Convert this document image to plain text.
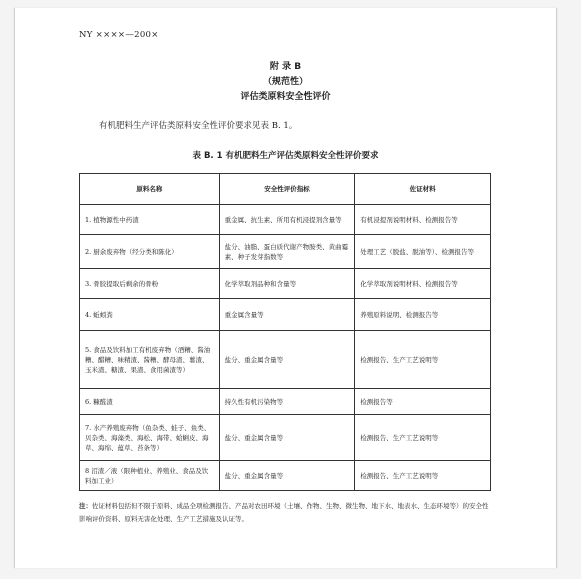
NY ××××—200×
附 录 B
（规范性）
评估类原料安全性评价
有机肥料生产评估类原料安全性评价要求见表 B. 1。
表 B. 1 有机肥料生产评估类原料安全性评价要求
原料名称	安全性评价指标	佐证材料
1. 植物源性中药渣	重金属、抗生素、所用有机浸提剂含量等	有机浸提剂说明材料、检测报告等
2. 厨余废弃物（经分类和陈化）	盐分、油脂、蛋白质代谢产物胺类、黄曲霉素、种子发芽指数等	处理工艺（脱盐、脱油等）、检测报告等
3. 骨胶提取后剩余的骨粉	化学萃取剂品种和含量等	化学萃取剂说明材料、检测报告等
4. 蚯蚓粪	重金属含量等	养殖原料说明、检测报告等
5. 食品及饮料加工有机废弃物（酒糟、酱油糟、醋糟、味精渣、酱糟、酵母渣、薯渣、玉米渣、糖渣、果渣、食用菌渣等）	盐分、重金属含量等	检测报告、生产工艺说明等
6. 糠醛渣	持久性有机污染物等	检测报告等
7. 水产养殖废弃物（鱼杂类、蛙子、鱼类、贝杂类、海藻类、海松、海带、蛤蜊皮、海草、海绵、蕴草、苔条等）	盐分、重金属含量等	检测报告、生产工艺说明等
8 沼渣／液（限种植业、养殖业、食品及饮料加工业）	盐分、重金属含量等	检测报告、生产工艺说明等
注：佐证材料包括但不限于原料、成品全项检测报告、产品对农田环境（土壤、作物、生物、微生物、地下水、地表水、生态环境等）的安全性影响评价资料、原料无害化处理、生产工艺措施及认证等。
